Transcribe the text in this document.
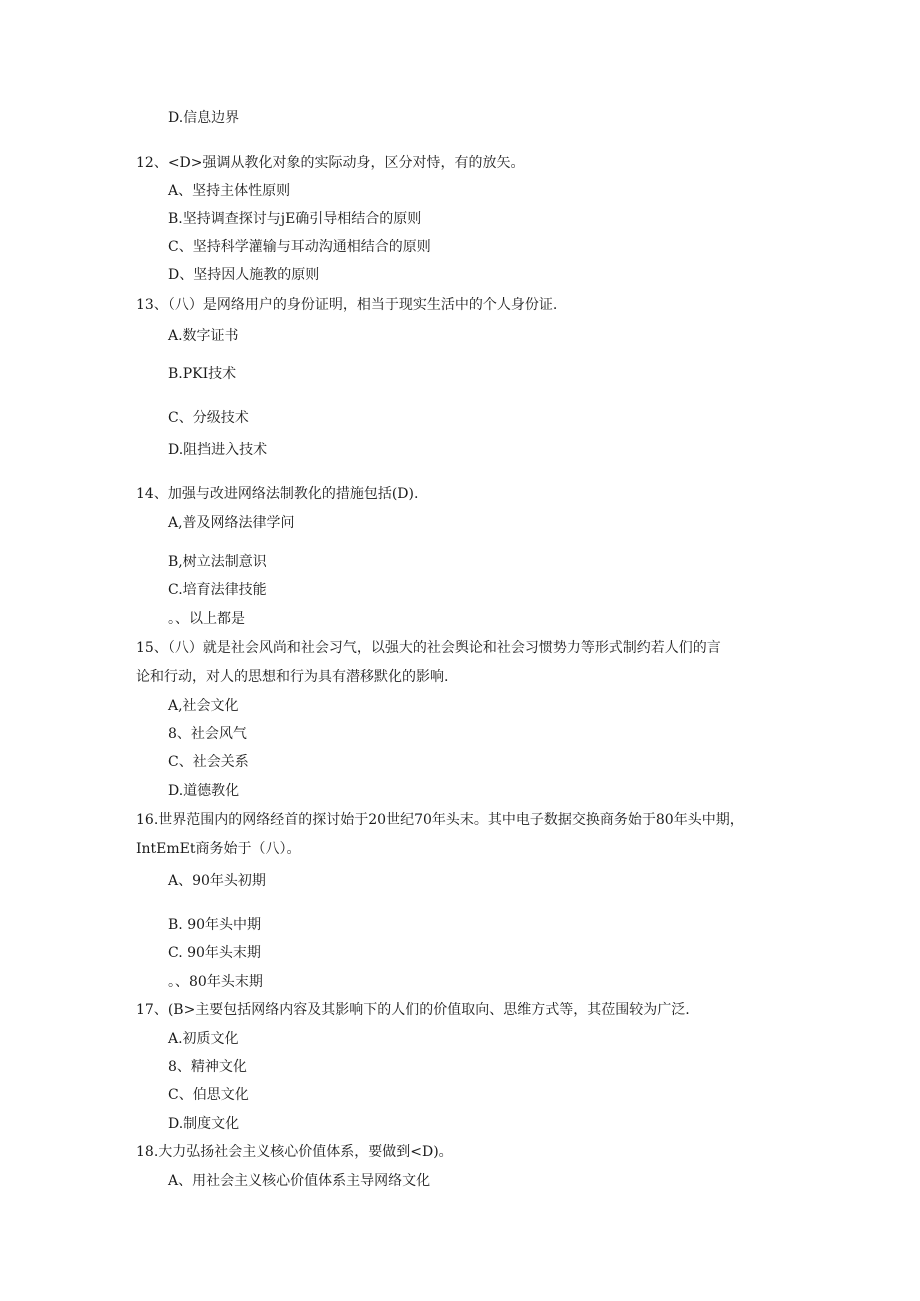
D.信息边界
12、<D>强调从教化对象的实际动身，区分对恃，有的放矢。
A、坚持主体性原则
B.坚持调查探讨与jE确引导相结合的原则
C、坚持科学灌输与耳动沟通相结合的原则
D、坚持因人施教的原则
13、（八）是网络用户的身份证明，相当于现实生活中的个人身份证.
A.数字证书
B.PKI技术
C、分级技术
D.阻挡进入技术
14、加强与改进网络法制教化的措施包括(D).
A,普及网络法律学问
B,树立法制意识
C.培育法律技能
。、以上都是
15、（八）就是社会风尚和社会习气，以强大的社会舆论和社会习惯势力等形式制约若人们的言
论和行动，对人的思想和行为具有潜移默化的影响.
A,社会文化
8、社会风气
C、社会关系
D.道德教化
16.世界范围内的网络经首的探讨始于20世纪70年头末。其中电子数据交换商务始于80年头中期，
IntEmEt商务始于（八）。
A、90年头初期
B. 90年头中期
C. 90年头末期
。、80年头末期
17、(B>主要包括网络内容及其影响下的人们的价值取向、思维方式等，其莅围较为广泛.
A.初质文化
8、精神文化
C、伯思文化
D.制度文化
18.大力弘扬社会主义核心价值体系，要做到<D)。
A、用社会主义核心价值体系主导网络文化
